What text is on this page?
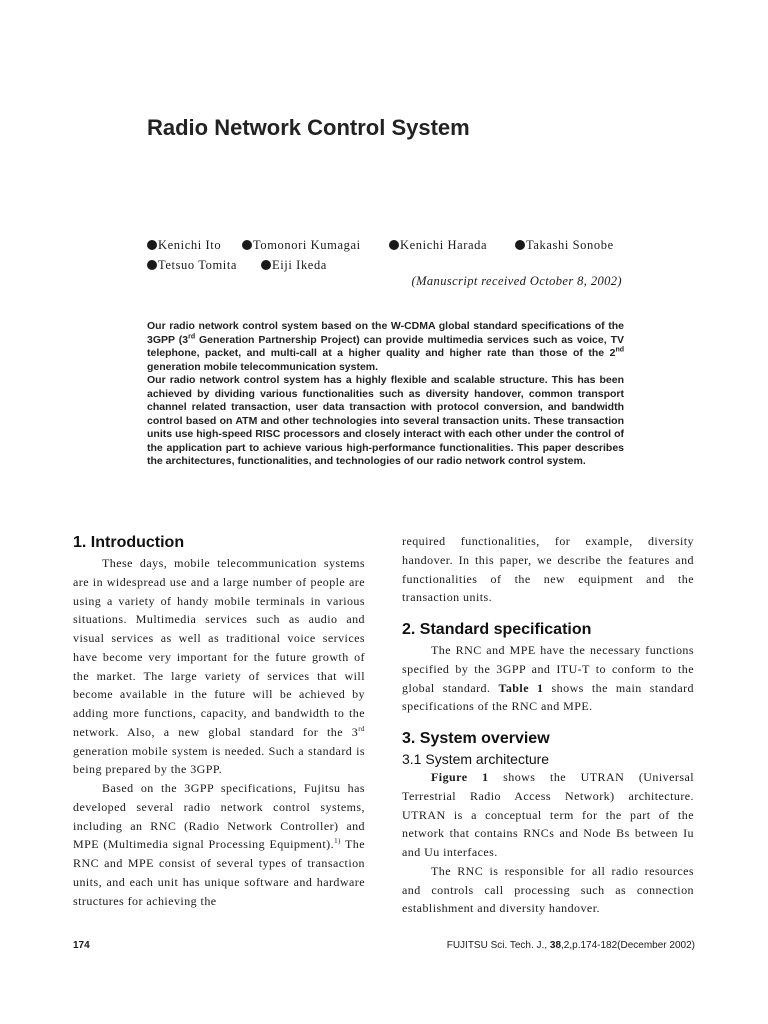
Radio Network Control System
Kenichi Ito	Tomonori Kumagai	Kenichi Harada	Takashi Sonobe
Tetsuo Tomita	Eiji Ikeda
(Manuscript received October 8, 2002)

Our radio network control system based on the W-CDMA global standard specifications of the 3GPP (3rd Generation Partnership Project) can provide multimedia services such as voice, TV telephone, packet, and multi-call at a higher quality and higher rate than those of the 2nd generation mobile telecommunication system.

Our radio network control system has a highly flexible and scalable structure. This has been achieved by dividing various functionalities such as diversity handover, common transport channel related transaction, user data transaction with protocol conversion, and bandwidth control based on ATM and other technologies into several transaction units. These transaction units use high-speed RISC processors and closely interact with each other under the control of the application part to achieve various high-performance functionalities. This paper describes the architectures, functionalities, and technologies of our radio network control system.

1. Introduction

These days, mobile telecommunication systems are in widespread use and a large number of people are using a variety of handy mobile terminals in various situations. Multimedia services such as audio and visual services as well as traditional voice services have become very important for the future growth of the market. The large variety of services that will become available in the future will be achieved by adding more functions, capacity, and bandwidth to the network. Also, a new global standard for the 3rd generation mobile system is needed. Such a standard is being prepared by the 3GPP.

Based on the 3GPP specifications, Fujitsu has developed several radio network control systems, including an RNC (Radio Network Controller) and MPE (Multimedia signal Processing Equipment).$^{1)}$ The RNC and MPE consist of several types of transaction units, and each unit has unique software and hardware structures for achieving the

required functionalities, for example, diversity handover. In this paper, we describe the features and functionalities of the new equipment and the transaction units.

2. Standard specification

The RNC and MPE have the necessary functions specified by the 3GPP and ITU-T to conform to the global standard. Table 1 shows the main standard specifications of the RNC and MPE.

3. System overview
3.1 System architecture

Figure 1 shows the UTRAN (Universal Terrestrial Radio Access Network) architecture. UTRAN is a conceptual term for the part of the network that contains RNCs and Node Bs between Iu and Uu interfaces.

The RNC is responsible for all radio resources and controls call processing such as connection establishment and diversity handover.

174	FUJITSU Sci. Tech. J., 38,2,p.174-182(December 2002)
